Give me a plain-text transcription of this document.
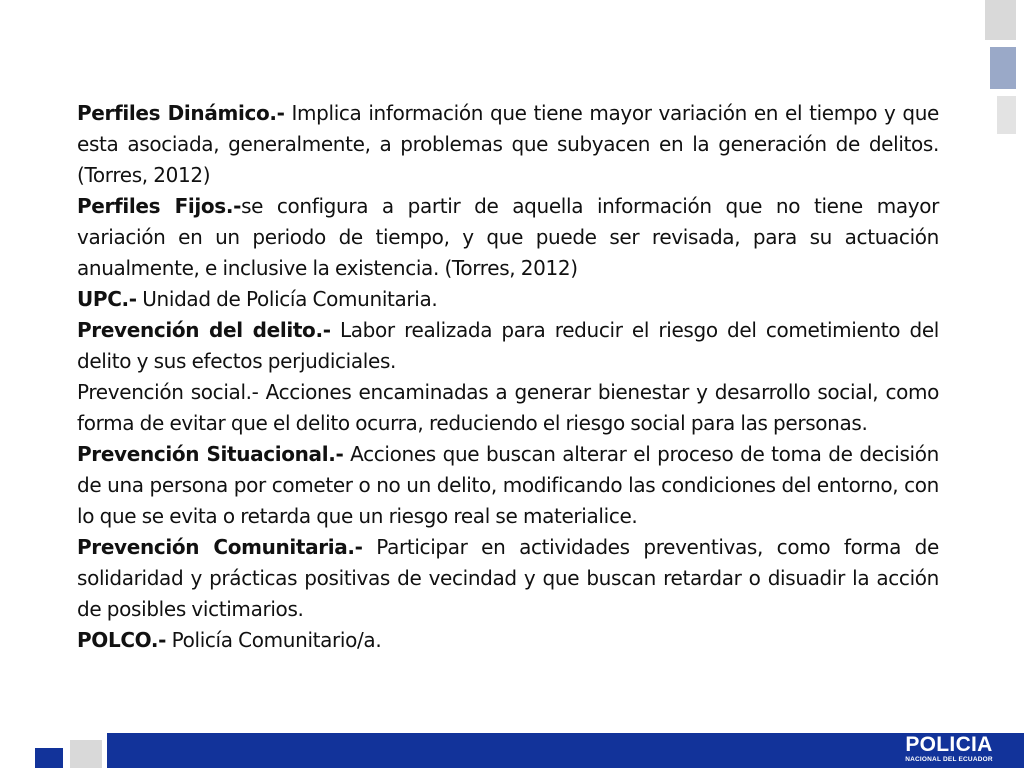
Perfiles Dinámico.- Implica información que tiene mayor variación en el tiempo y que esta asociada, generalmente, a problemas que subyacen en la generación de delitos. (Torres, 2012)

Perfiles Fijos.-se configura a partir de aquella información que no tiene mayor variación en un periodo de tiempo, y que puede ser revisada, para su actuación anualmente, e inclusive la existencia. (Torres, 2012)

UPC.- Unidad de Policía Comunitaria.

Prevención del delito.- Labor realizada para reducir el riesgo del cometimiento del delito y sus efectos perjudiciales.

Prevención social.- Acciones encaminadas a generar bienestar y desarrollo social, como forma de evitar que el delito ocurra, reduciendo el riesgo social para las personas.

Prevención Situacional.- Acciones que buscan alterar el proceso de toma de decisión de una persona por cometer o no un delito, modificando las condiciones del entorno, con lo que se evita o retarda que un riesgo real se materialice.

Prevención Comunitaria.- Participar en actividades preventivas, como forma de solidaridad y prácticas positivas de vecindad y que buscan retardar o disuadir la acción de posibles victimarios.

POLCO.- Policía Comunitario/a.

POLICIA
NACIONAL DEL ECUADOR
